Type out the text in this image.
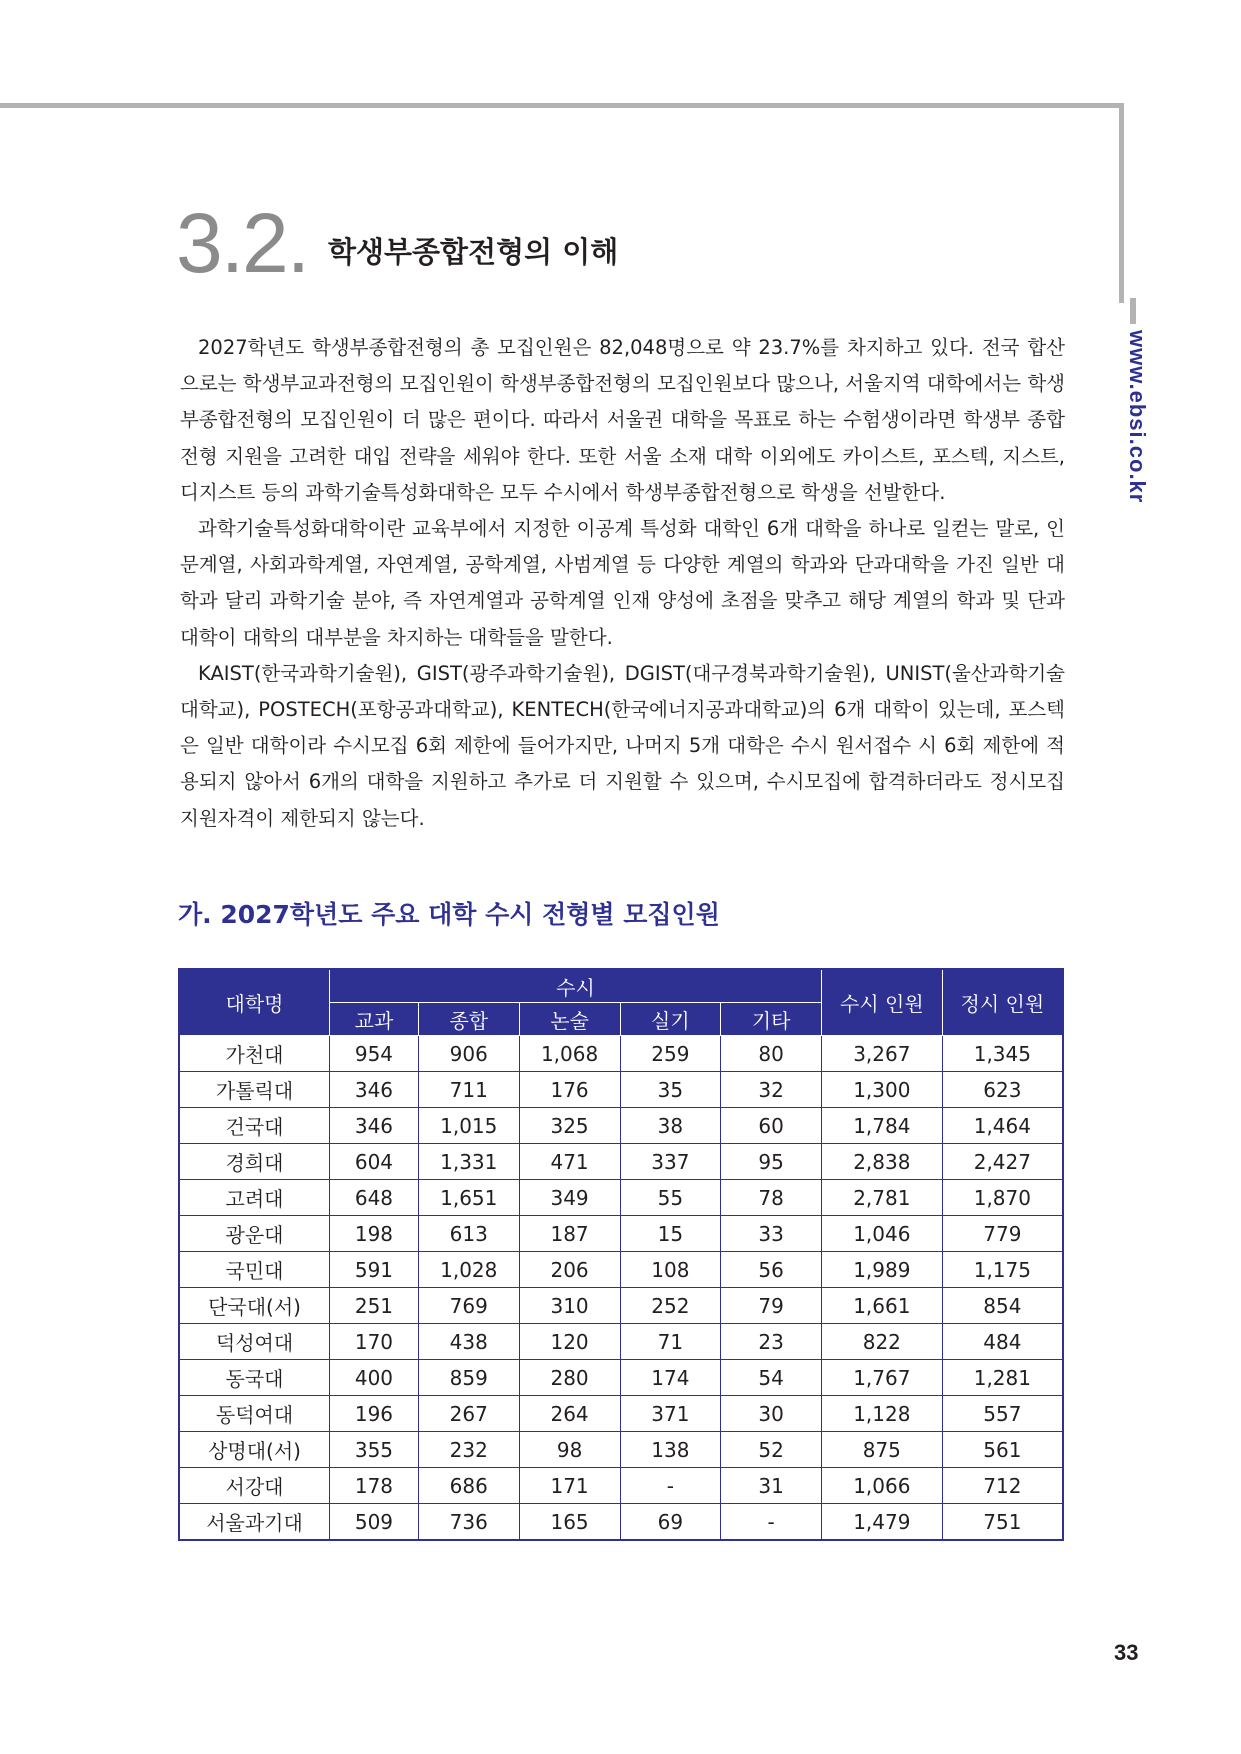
www.ebsi.co.kr
3.2. 학생부종합전형의 이해

2027학년도 학생부종합전형의 총 모집인원은 82,048명으로 약 23.7%를 차지하고 있다. 전국 합산으로는 학생부교과전형의 모집인원이 학생부종합전형의 모집인원보다 많으나, 서울지역 대학에서는 학생부종합전형의 모집인원이 더 많은 편이다. 따라서 서울권 대학을 목표로 하는 수험생이라면 학생부 종합 전형 지원을 고려한 대입 전략을 세워야 한다. 또한 서울 소재 대학 이외에도 카이스트, 포스텍, 지스트, 디지스트 등의 과학기술특성화대학은 모두 수시에서 학생부종합전형으로 학생을 선발한다.

과학기술특성화대학이란 교육부에서 지정한 이공계 특성화 대학인 6개 대학을 하나로 일컫는 말로, 인문계열, 사회과학계열, 자연계열, 공학계열, 사범계열 등 다양한 계열의 학과와 단과대학을 가진 일반 대학과 달리 과학기술 분야, 즉 자연계열과 공학계열 인재 양성에 초점을 맞추고 해당 계열의 학과 및 단과대학이 대학의 대부분을 차지하는 대학들을 말한다.

KAIST(한국과학기술원), GIST(광주과학기술원), DGIST(대구경북과학기술원), UNIST(울산과학기술대학교), POSTECH(포항공과대학교), KENTECH(한국에너지공과대학교)의 6개 대학이 있는데, 포스텍은 일반 대학이라 수시모집 6회 제한에 들어가지만, 나머지 5개 대학은 수시 원서접수 시 6회 제한에 적용되지 않아서 6개의 대학을 지원하고 추가로 더 지원할 수 있으며, 수시모집에 합격하더라도 정시모집 지원자격이 제한되지 않는다.

가. 2027학년도 주요 대학 수시 전형별 모집인원
대학명	수시					수시 인원	정시 인원
	교과	종합	논술	실기	기타		
가천대	954	906	1,068	259	80	3,267	1,345
가톨릭대	346	711	176	35	32	1,300	623
건국대	346	1,015	325	38	60	1,784	1,464
경희대	604	1,331	471	337	95	2,838	2,427
고려대	648	1,651	349	55	78	2,781	1,870
광운대	198	613	187	15	33	1,046	779
국민대	591	1,028	206	108	56	1,989	1,175
단국대(서)	251	769	310	252	79	1,661	854
덕성여대	170	438	120	71	23	822	484
동국대	400	859	280	174	54	1,767	1,281
동덕여대	196	267	264	371	30	1,128	557
상명대(서)	355	232	98	138	52	875	561
서강대	178	686	171	-	31	1,066	712
서울과기대	509	736	165	69	-	1,479	751
33
